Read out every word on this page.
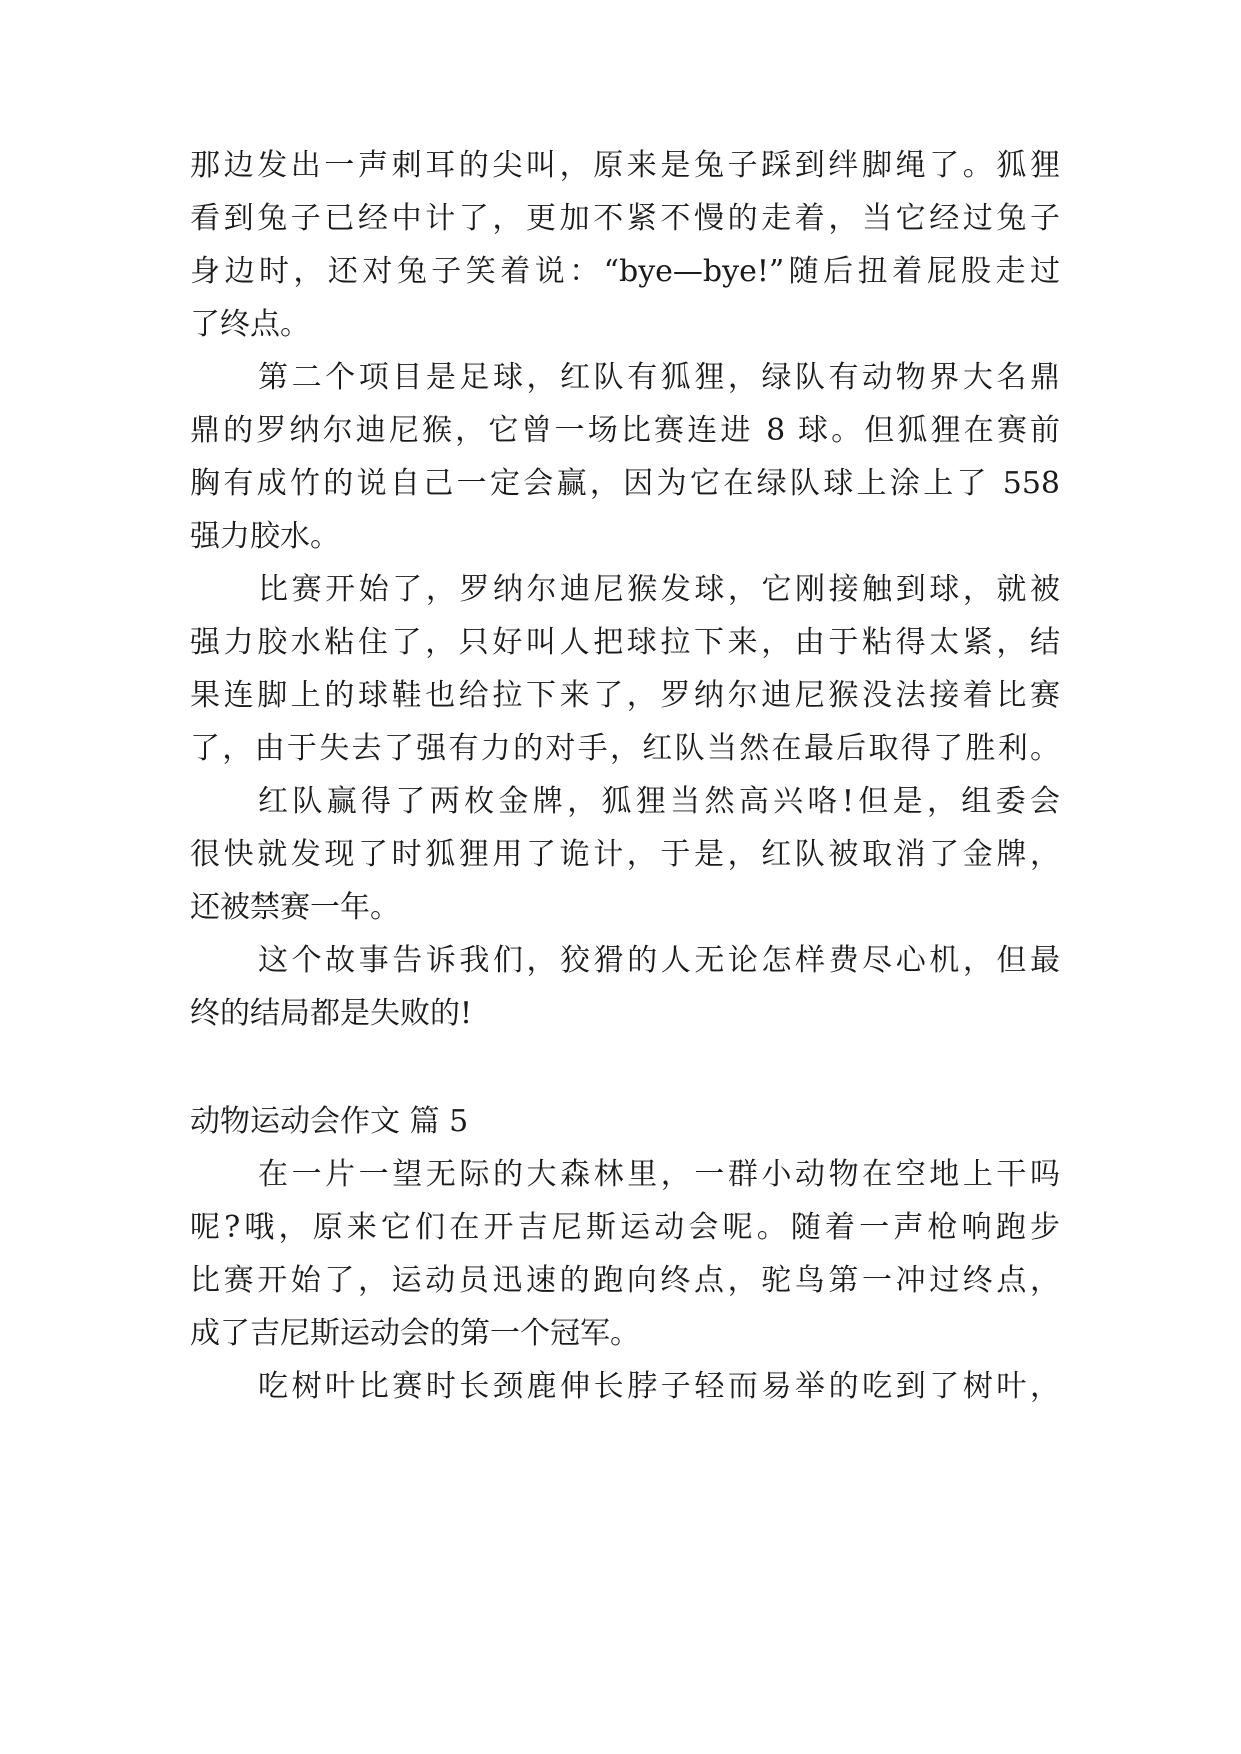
那边发出一声刺耳的尖叫，原来是兔子踩到绊脚绳了。狐狸
看到兔子已经中计了，更加不紧不慢的走着，当它经过兔子
身边时，还对兔子笑着说：“bye—bye!”随后扭着屁股走过
了终点。
第二个项目是足球，红队有狐狸，绿队有动物界大名鼎
鼎的罗纳尔迪尼猴，它曾一场比赛连进 8 球。但狐狸在赛前
胸有成竹的说自己一定会赢，因为它在绿队球上涂上了 558
强力胶水。
比赛开始了，罗纳尔迪尼猴发球，它刚接触到球，就被
强力胶水粘住了，只好叫人把球拉下来，由于粘得太紧，结
果连脚上的球鞋也给拉下来了，罗纳尔迪尼猴没法接着比赛
了，由于失去了强有力的对手，红队当然在最后取得了胜利。
红队赢得了两枚金牌，狐狸当然高兴咯!但是，组委会
很快就发现了时狐狸用了诡计，于是，红队被取消了金牌，
还被禁赛一年。
这个故事告诉我们，狡猾的人无论怎样费尽心机，但最
终的结局都是失败的!
动物运动会作文 篇 5
在一片一望无际的大森林里，一群小动物在空地上干吗
呢?哦，原来它们在开吉尼斯运动会呢。随着一声枪响跑步
比赛开始了，运动员迅速的跑向终点，驼鸟第一冲过终点，
成了吉尼斯运动会的第一个冠军。
吃树叶比赛时长颈鹿伸长脖子轻而易举的吃到了树叶，
